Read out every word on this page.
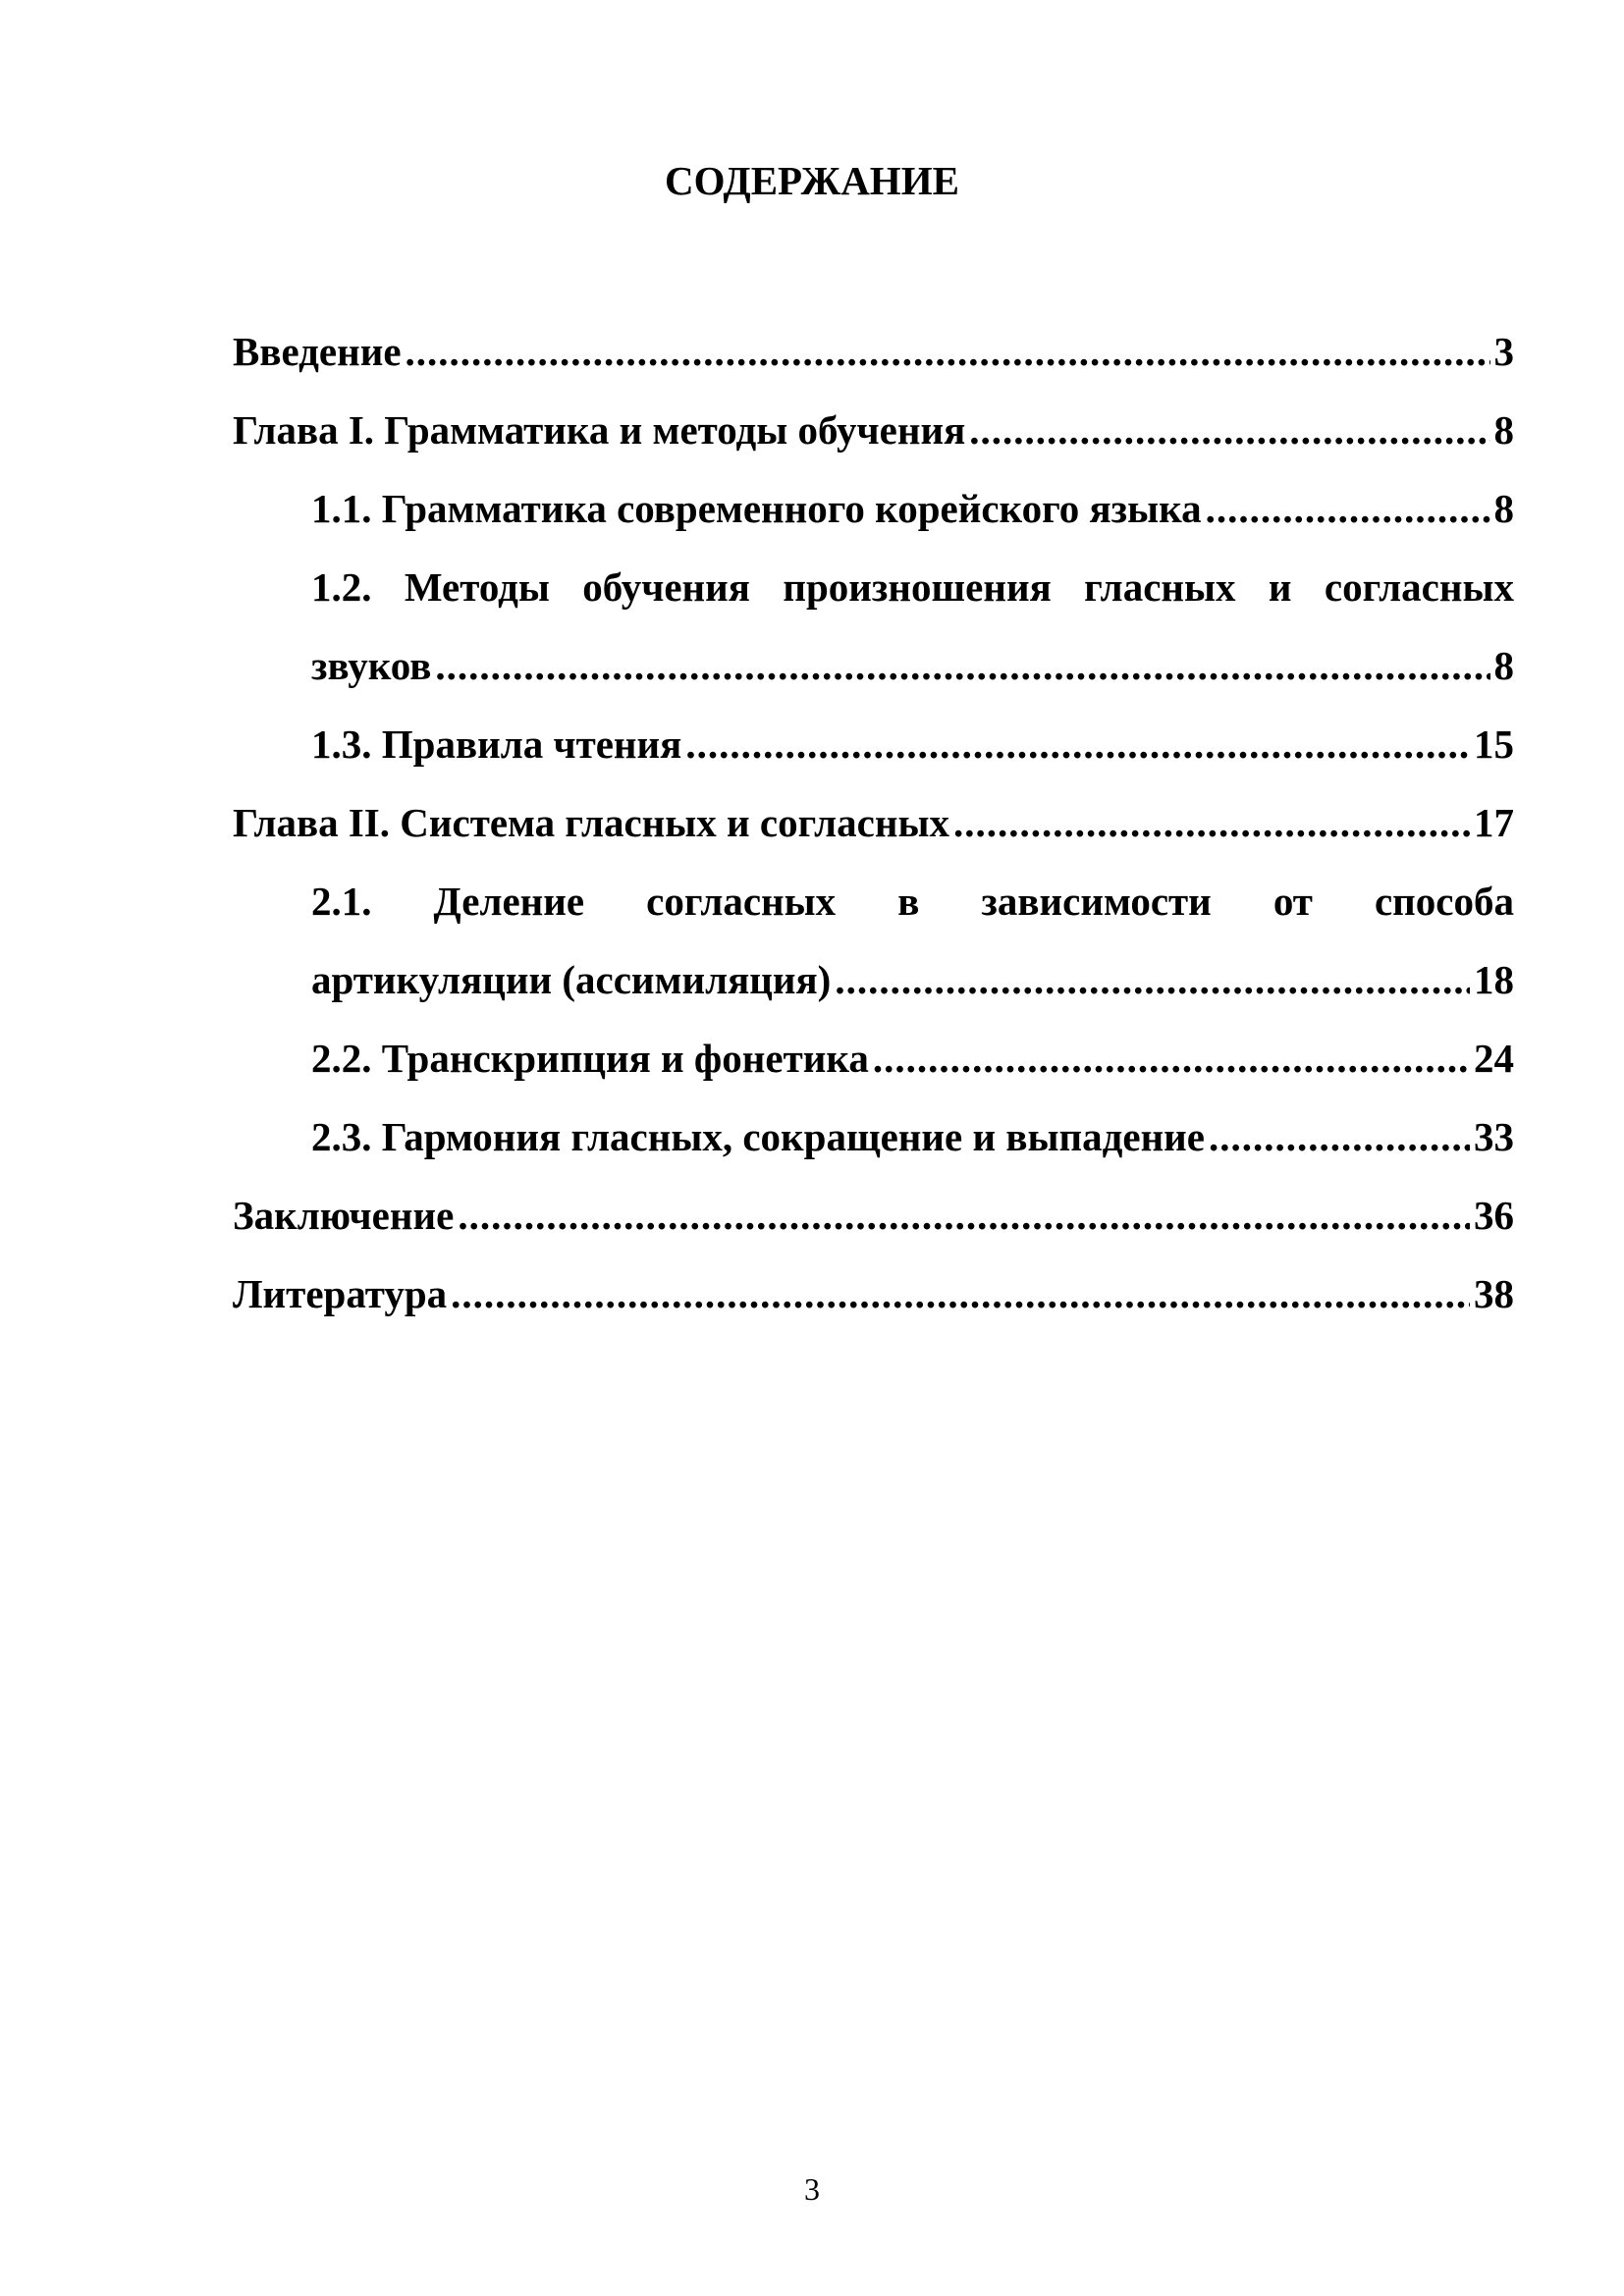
СОДЕРЖАНИЕ
Введение .....	3
Глава I. Грамматика и методы обучения .....	8
1.1. Грамматика современного корейского языка .....	8
1.2. Методы обучения произношения гласных и согласных
звуков .....	8
1.3. Правила чтения .....	15
Глава II. Система гласных и согласных .....	17
2.1. Деление согласных в зависимости от способа
артикуляции (ассимиляция) .....	18
2.2. Транскрипция и фонетика .....	24
2.3. Гармония гласных, сокращение и выпадение .....	33
Заключение .....	36
Литература .....	38
3
